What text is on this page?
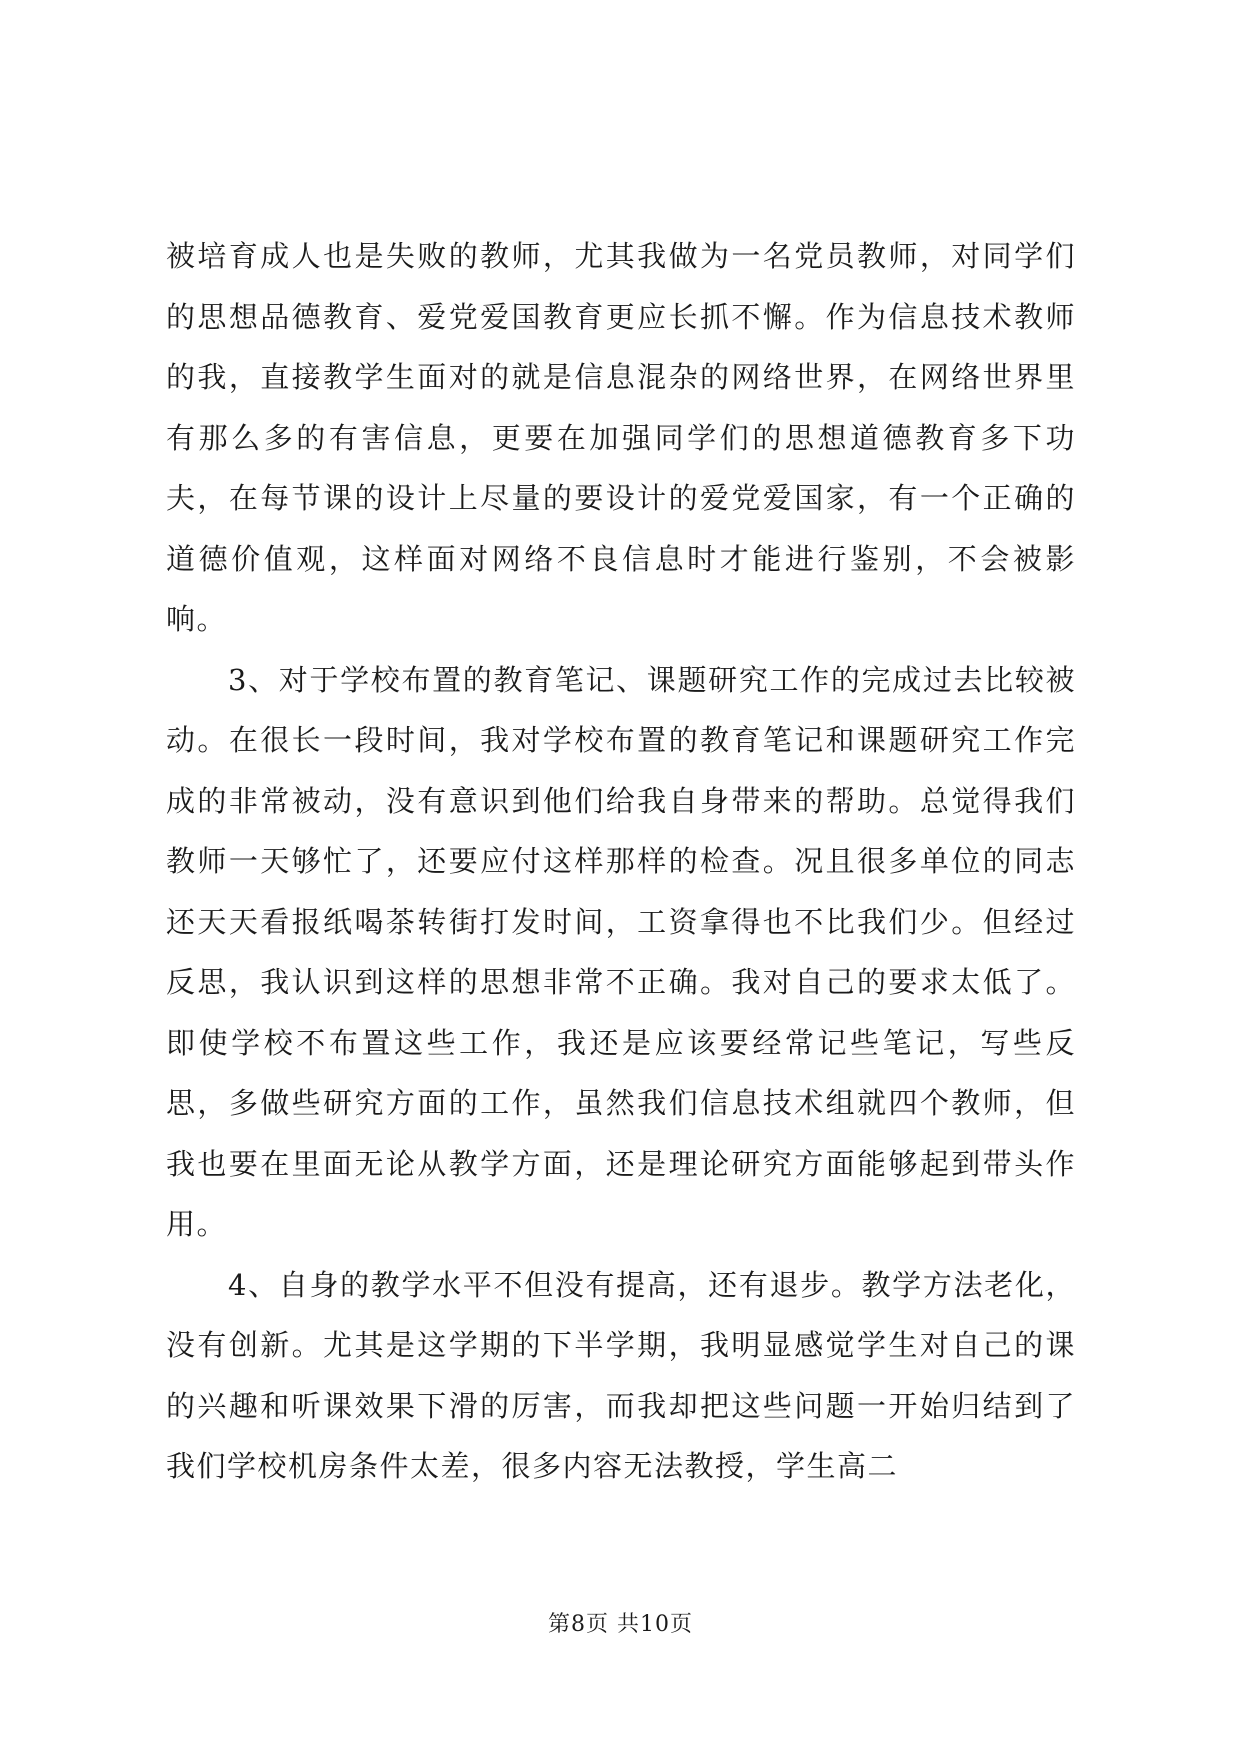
被培育成人也是失败的教师，尤其我做为一名党员教师，对同学们的思想品德教育、爱党爱国教育更应长抓不懈。作为信息技术教师的我，直接教学生面对的就是信息混杂的网络世界，在网络世界里有那么多的有害信息，更要在加强同学们的思想道德教育多下功夫，在每节课的设计上尽量的要设计的爱党爱国家，有一个正确的道德价值观，这样面对网络不良信息时才能进行鉴别，不会被影响。

3、对于学校布置的教育笔记、课题研究工作的完成过去比较被动。在很长一段时间，我对学校布置的教育笔记和课题研究工作完成的非常被动，没有意识到他们给我自身带来的帮助。总觉得我们教师一天够忙了，还要应付这样那样的检查。况且很多单位的同志还天天看报纸喝茶转街打发时间，工资拿得也不比我们少。但经过反思，我认识到这样的思想非常不正确。我对自己的要求太低了。即使学校不布置这些工作，我还是应该要经常记些笔记，写些反思，多做些研究方面的工作，虽然我们信息技术组就四个教师，但我也要在里面无论从教学方面，还是理论研究方面能够起到带头作用。

4、自身的教学水平不但没有提高，还有退步。教学方法老化，没有创新。尤其是这学期的下半学期，我明显感觉学生对自己的课的兴趣和听课效果下滑的厉害，而我却把这些问题一开始归结到了我们学校机房条件太差，很多内容无法教授，学生高二

第8页 共10页
